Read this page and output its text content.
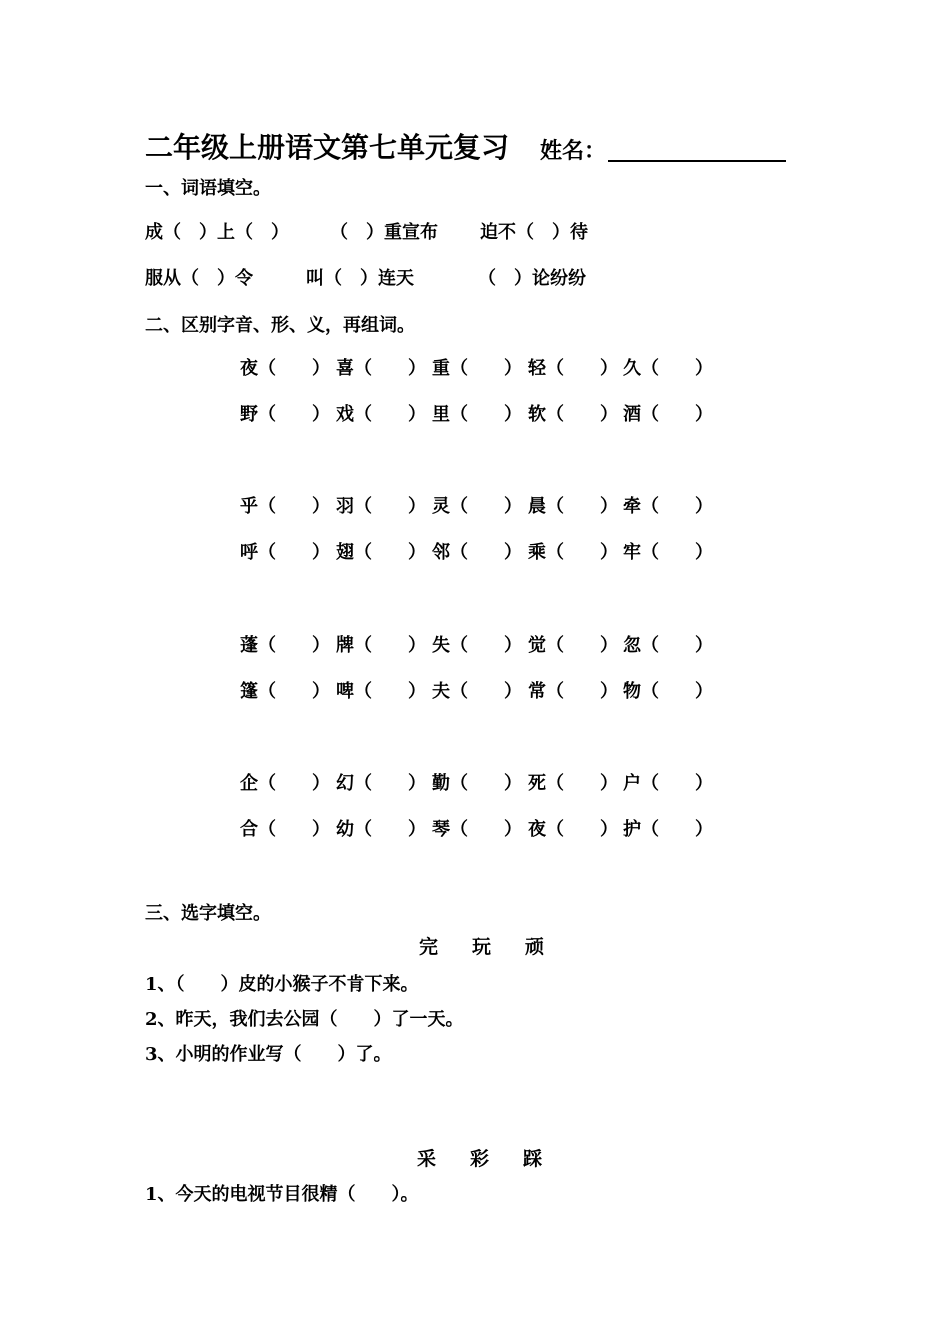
二年级上册语文第七单元复习 姓名：
一、词语填空。
成（　）上（　） （　）重宣布 迫不（　）待
服从（　）令	叫（　）连天	（　）论纷纷
二、区别字音、形、义，再组词。
夜（　　） 喜（　　） 重（　　） 轻（　　） 久（　　）
野（　　） 戏（　　） 里（　　） 软（　　） 酒（　　）
乎（　　） 羽（　　） 灵（　　） 晨（　　） 牵（　　）
呼（　　） 翅（　　） 邻（　　） 乘（　　） 牢（　　）
蓬（　　） 牌（　　） 失（　　） 觉（　　） 忽（　　）
篷（　　） 啤（　　） 夫（　　） 常（　　） 物（　　）
企（　　） 幻（　　） 勤（　　） 死（　　） 户（　　）
合（　　） 幼（　　） 琴（　　） 夜（　　） 护（　　）
三、选字填空。
完 玩 顽
1、（　　）皮的小猴子不肯下来。
2、昨天，我们去公园（　　）了一天。
3、小明的作业写（　　）了。
采 彩 踩
1、今天的电视节目很精（　　）。
